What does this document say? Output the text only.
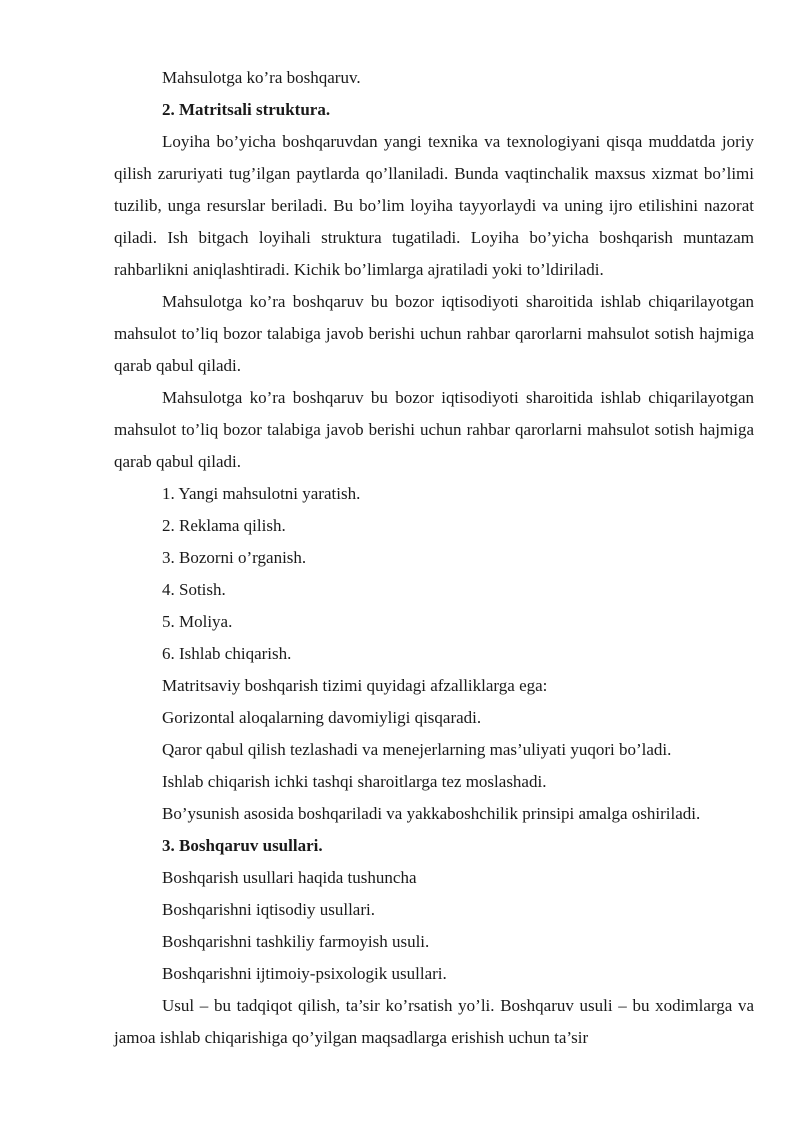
Mahsulotga ko’ra boshqaruv.

2. Matritsali struktura.

Loyiha bo’yicha boshqaruvdan yangi texnika va texnologiyani qisqa muddatda joriy qilish zaruriyati tug’ilgan paytlarda qo’llaniladi. Bunda vaqtinchalik maxsus xizmat bo’limi tuzilib, unga resurslar beriladi. Bu bo’lim loyiha tayyorlaydi va uning ijro etilishini nazorat qiladi. Ish bitgach loyihali struktura tugatiladi. Loyiha bo’yicha boshqarish muntazam rahbarlikni aniqlashtiradi. Kichik bo’limlarga ajratiladi yoki to’ldiriladi.

Mahsulotga ko’ra boshqaruv bu bozor iqtisodiyoti sharoitida ishlab chiqarilayotgan mahsulot to’liq bozor talabiga javob berishi uchun rahbar qarorlarni mahsulot sotish hajmiga qarab qabul qiladi.

Mahsulotga ko’ra boshqaruv bu bozor iqtisodiyoti sharoitida ishlab chiqarilayotgan mahsulot to’liq bozor talabiga javob berishi uchun rahbar qarorlarni mahsulot sotish hajmiga qarab qabul qiladi.

1. Yangi mahsulotni yaratish.

2. Reklama qilish.

3. Bozorni o’rganish.

4. Sotish.

5. Moliya.

6. Ishlab chiqarish.

Matritsaviy boshqarish tizimi quyidagi afzalliklarga ega:

Gorizontal aloqalarning davomiyligi qisqaradi.

Qaror qabul qilish tezlashadi va menejerlarning mas’uliyati yuqori bo’ladi.

Ishlab chiqarish ichki tashqi sharoitlarga tez moslashadi.

Bo’ysunish asosida boshqariladi va yakkaboshchilik prinsipi amalga oshiriladi.

3. Boshqaruv usullari.

Boshqarish usullari haqida tushuncha

Boshqarishni iqtisodiy usullari.

Boshqarishni tashkiliy farmoyish usuli.

Boshqarishni ijtimoiy-psixologik usullari.

Usul – bu tadqiqot qilish, ta’sir ko’rsatish yo’li. Boshqaruv usuli – bu xodimlarga va jamoa ishlab chiqarishiga qo’yilgan maqsadlarga erishish uchun ta’sir
